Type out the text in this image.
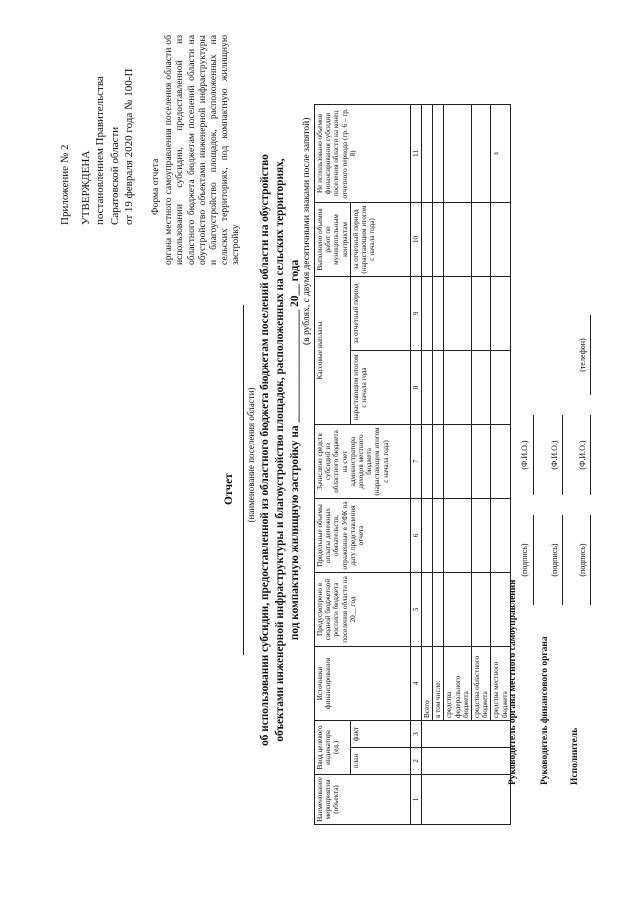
Приложение № 2 УТВЕРЖДЕНА постановлением Правительства Саратовской области от 19 февраля 2020 года № 100-П Форма отчета органа местного самоуправления поселения области об использовании субсидии, предоставленной из областного бюджета бюджетам поселений области на обустройство объектами инженерной инфраструктуры и благоустройство площадок, расположенных на сельских территориях, под компактную жилищную застройку
Отчет (наименование поселения области) об использовании субсидии, предоставленной из областного бюджета бюджетам поселений области на обустройство объектами инженерной инфраструктуры и благоустройство площадок, расположенных на сельских территориях, под компактную жилищную застройку на ____________________ 20__ года
(в рублях, с двумя десятичными знаками после запятой)
Наименование мероприятия (объекта)	Ввод целевого индикатора (ед.)		Источники финансирования	Предусмотрено в сводной бюджетной росписи бюджета поселения области на 20__ год	Предельные объемы оплаты денежных обязательств, отраженные в УФК на дату представления отчета	Зачислено средств субсидий из областного бюджета на счет администратора доходов местного бюджета (нарастающим итогом с начала года)	Кассовые выплаты		Выполнено объемов работ по муниципальным контрактам	Не использовано объемов финансирования субсидии поселения области на конец отчетного периода (гр. 6 – гр. 8)
	план	факт					нарастающим итогом с начала года	за отчетный период	за отчетный период (нарастающим итогом с начала года)	
1	2	3	4	5	6	7	8	9	10	11
			Всего							
			в том числе:							
			средства федерального бюджета							
			средства областного бюджета							
			средства местного бюджета							x
Руководитель органа местного самоуправления
(подпись)
(Ф.И.О.)
Руководитель финансового органа
(подпись)
(Ф.И.О.)
Исполнитель
(подпись)
(Ф.И.О.)
(телефон)
